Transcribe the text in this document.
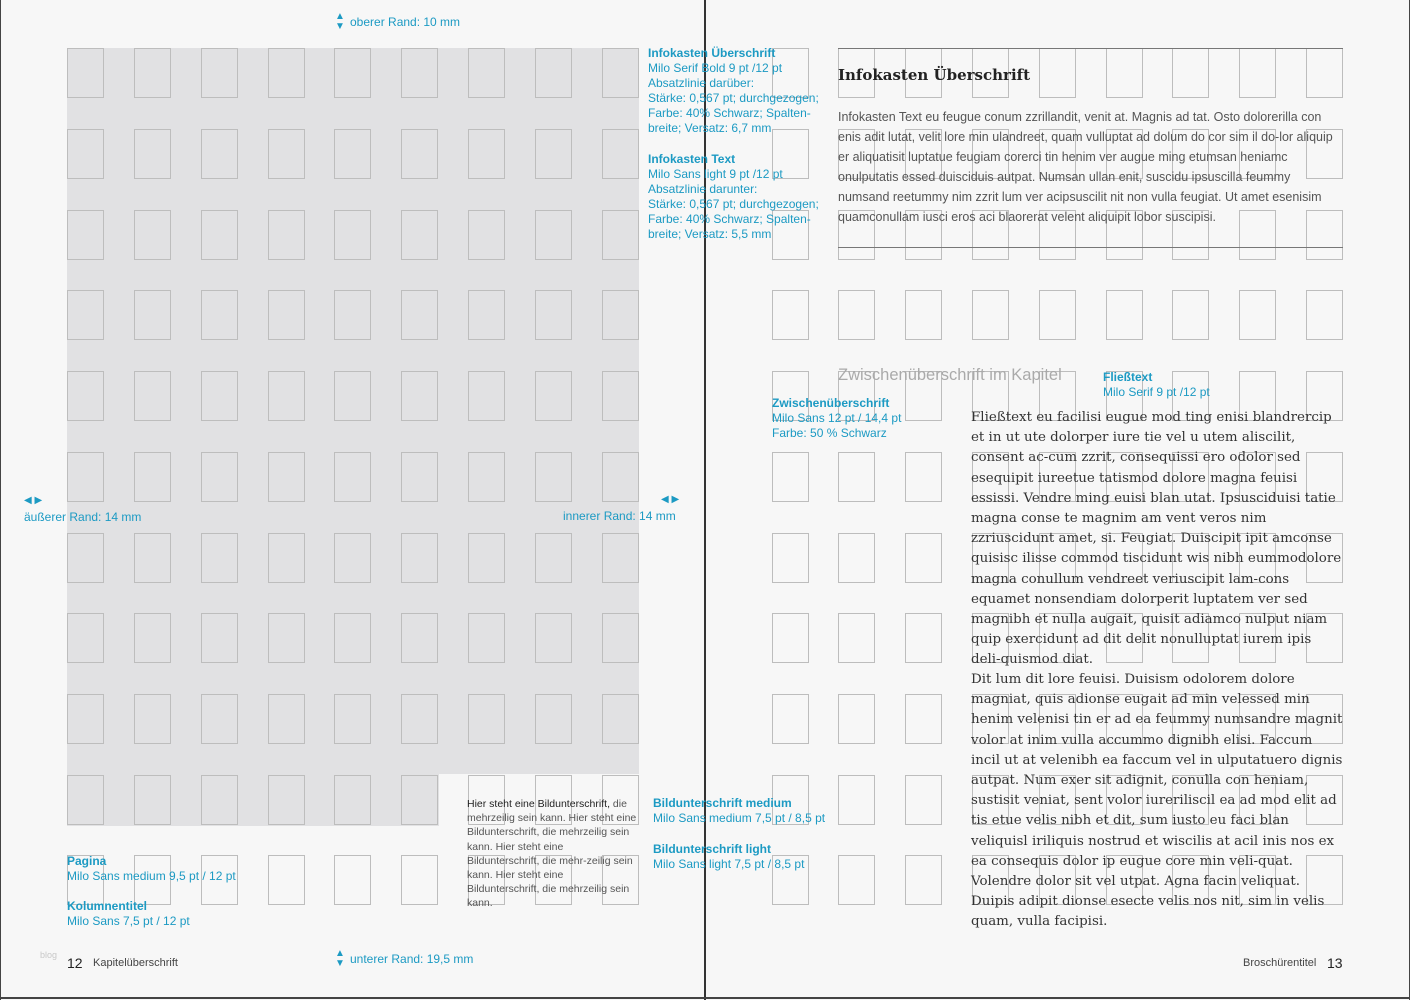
▲
▼ oberer Rand: 10 mm
◀ ▶
äußerer Rand: 14 mm
◀ ▶
innerer Rand: 14 mm
▲
▼ unterer Rand: 19,5 mm
Infokasten Überschrift
Milo Serif Bold 9 pt /12 pt
Absatzlinie darüber:
Stärke: 0,567 pt; durchgezogen;
Farbe: 40% Schwarz; Spalten-
breite; Versatz: 6,7 mm
Infokasten Text
Milo Sans light 9 pt /12 pt
Absatzlinie darunter:
Stärke: 0,567 pt; durchgezogen;
Farbe: 40% Schwarz; Spalten-
breite; Versatz: 5,5 mm
Zwischenüberschrift
Milo Sans 12 pt / 14,4 pt
Farbe: 50 % Schwarz
Fließtext
Milo Serif 9 pt /12 pt
Bildunterschrift medium
Milo Sans medium 7,5 pt / 8,5 pt
Bildunterschrift light
Milo Sans light 7,5 pt / 8,5 pt
Pagina
Milo Sans medium 9,5 pt / 12 pt
Kolumnentitel
Milo Sans 7,5 pt / 12 pt
Infokasten Überschrift
Infokasten Text eu feugue conum zzrillandit, venit at. Magnis ad tat. Osto dolorerilla con enis adit lutat, velit lore min ulandreet, quam vulluptat ad dolum do cor sim il do-lor aliquip er aliquatisit luptatue feugiam corerci tin henim ver augue ming etumsan heniamc onulputatis essed duisciduis autpat. Numsan ullan enit, suscidu ipsuscilla feummy numsand reetummy nim zzrit lum ver acipsuscilit nit non vulla feugiat. Ut amet esenisim quamconullam iusci eros aci blaorerat velent aliquipit lobor suscipisi.
Zwischenüberschrift im Kapitel
Fließtext eu facilisi eugue mod ting enisi blandrercip et in ut ute dolorper iure tie vel u utem aliscilit, consent ac-cum zzrit, consequissi ero odolor sed esequipit iureetue tatismod dolore magna feuisi essissi. Vendre ming euisi blan utat. Ipsusciduisi tatie magna conse te magnim am vent veros nim zzriuscidunt amet, si. Feugiat. Duiscipit ipit amconse quisisc ilisse commod tiscidunt wis nibh eummodolore magna conullum vendreet veriuscipit lam-cons equamet nonsendiam dolorperit luptatem ver sed magnibh et nulla augait, quisit adiamco nulput niam quip exercidunt ad dit delit nonulluptat iurem ipis deli-quismod diat.
Dit lum dit lore feuisi. Duisism odolorem dolore magniat, quis adionse eugait ad min velessed min henim velenisi tin er ad ea feummy numsandre magnit volor at inim vulla accummo dignibh elisi. Faccum incil ut at velenibh ea faccum vel in ulputatuero dignis autpat. Num exer sit adignit, conulla con heniam, sustisit veniat, sent volor iureriliscil ea ad mod elit ad tis etue velis nibh et dit, sum iusto eu faci blan veliquisl iriliquis nostrud et wiscilis at acil inis nos ex ea consequis dolor ip eugue core min veli-quat. Volendre dolor sit vel utpat. Agna facin veliquat. Duipis adipit dionse esecte velis nos nit, sim in velis quam, vulla facipisi.
Hier steht eine Bildunterschrift, die mehrzeilig sein kann. Hier steht eine Bildunterschrift, die mehrzeilig sein kann. Hier steht eine Bildunterschrift, die mehr-zeilig sein kann. Hier steht eine Bildunterschrift, die mehrzeilig sein kann.
blog 12 Kapitelüberschrift	Broschürentitel 13
